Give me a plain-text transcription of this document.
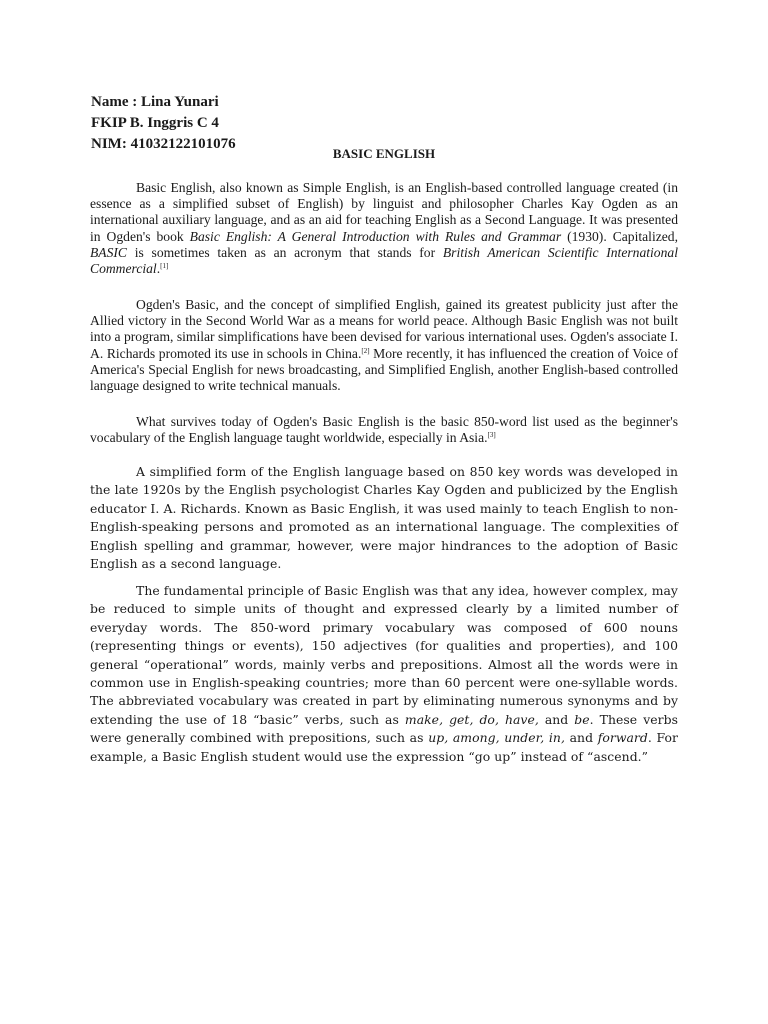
Name : Lina Yunari
FKIP B. Inggris C 4
NIM: 41032122101076
BASIC ENGLISH

Basic English, also known as Simple English, is an English-based controlled language created (in essence as a simplified subset of English) by linguist and philosopher Charles Kay Ogden as an international auxiliary language, and as an aid for teaching English as a Second Language. It was presented in Ogden's book Basic English: A General Introduction with Rules and Grammar (1930). Capitalized, BASIC is sometimes taken as an acronym that stands for British American Scientific International Commercial.[1]

Ogden's Basic, and the concept of simplified English, gained its greatest publicity just after the Allied victory in the Second World War as a means for world peace. Although Basic English was not built into a program, similar simplifications have been devised for various international uses. Ogden's associate I. A. Richards promoted its use in schools in China.[2] More recently, it has influenced the creation of Voice of America's Special English for news broadcasting, and Simplified English, another English-based controlled language designed to write technical manuals.

What survives today of Ogden's Basic English is the basic 850-word list used as the beginner's vocabulary of the English language taught worldwide, especially in Asia.[3]

A simplified form of the English language based on 850 key words was developed in the late 1920s by the English psychologist Charles Kay Ogden and publicized by the English educator I. A. Richards. Known as Basic English, it was used mainly to teach English to non-English-speaking persons and promoted as an international language. The complexities of English spelling and grammar, however, were major hindrances to the adoption of Basic English as a second language.

The fundamental principle of Basic English was that any idea, however complex, may be reduced to simple units of thought and expressed clearly by a limited number of everyday words. The 850-word primary vocabulary was composed of 600 nouns (representing things or events), 150 adjectives (for qualities and properties), and 100 general “operational” words, mainly verbs and prepositions. Almost all the words were in common use in English-speaking countries; more than 60 percent were one-syllable words. The abbreviated vocabulary was created in part by eliminating numerous synonyms and by extending the use of 18 “basic” verbs, such as make, get, do, have, and be. These verbs were generally combined with prepositions, such as up, among, under, in, and forward. For example, a Basic English student would use the expression “go up” instead of “ascend.”
